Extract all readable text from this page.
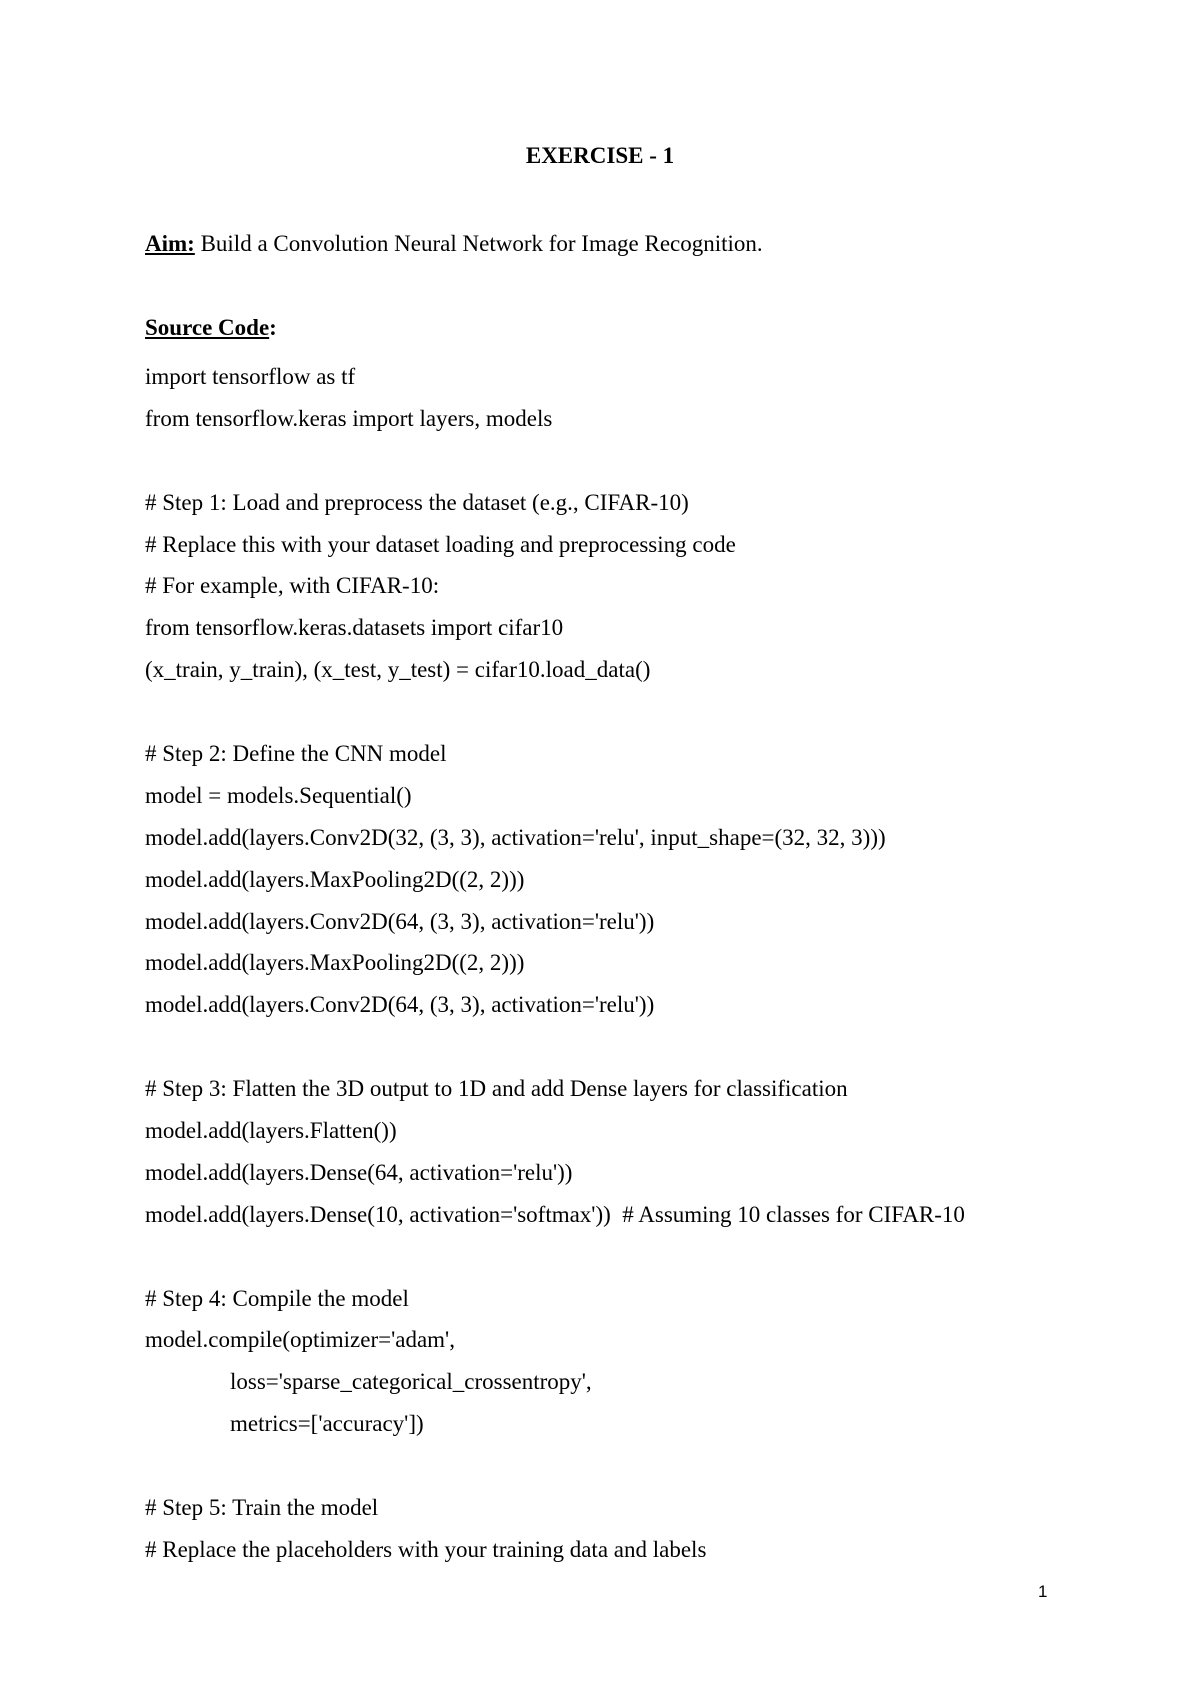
EXERCISE - 1
Aim: Build a Convolution Neural Network for Image Recognition.
Source Code:
import tensorflow as tf
from tensorflow.keras import layers, models
# Step 1: Load and preprocess the dataset (e.g., CIFAR-10)
# Replace this with your dataset loading and preprocessing code
# For example, with CIFAR-10:
from tensorflow.keras.datasets import cifar10
(x_train, y_train), (x_test, y_test) = cifar10.load_data()
# Step 2: Define the CNN model
model = models.Sequential()
model.add(layers.Conv2D(32, (3, 3), activation='relu', input_shape=(32, 32, 3)))
model.add(layers.MaxPooling2D((2, 2)))
model.add(layers.Conv2D(64, (3, 3), activation='relu'))
model.add(layers.MaxPooling2D((2, 2)))
model.add(layers.Conv2D(64, (3, 3), activation='relu'))
# Step 3: Flatten the 3D output to 1D and add Dense layers for classification
model.add(layers.Flatten())
model.add(layers.Dense(64, activation='relu'))
model.add(layers.Dense(10, activation='softmax'))  # Assuming 10 classes for CIFAR-10
# Step 4: Compile the model
model.compile(optimizer='adam',
loss='sparse_categorical_crossentropy',
metrics=['accuracy'])
# Step 5: Train the model
# Replace the placeholders with your training data and labels
1
